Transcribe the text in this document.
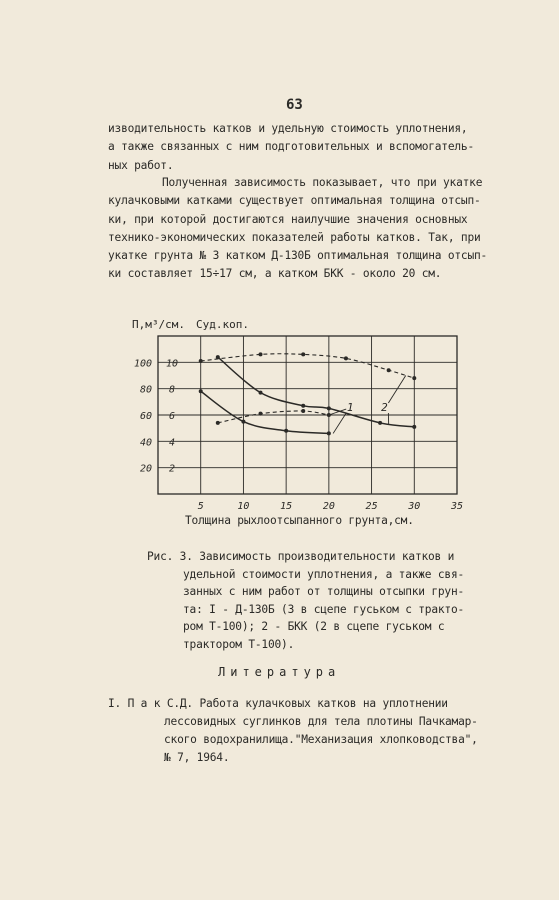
63
изводительность катков и удельную стоимость уплотнения,
а также связанных с ним подготовительных и вспомогатель-
ных работ.
Полученная зависимость показывает, что при укатке
кулачковыми катками существует оптимальная толщина отсып-
ки, при которой достигаются наилучшие значения основных
технико-экономических показателей работы катков. Так, при
укатке грунта № 3 катком Д-130Б оптимальная толщина отсып-
ки составляет 15÷17 см, а катком БКК - около 20 см.
5	10	15	20	25	30	35
100 10
80 8
60 6
40 4
20 2
П,м³/см. Суд.коп.
Толщина рыхлоотсыпанного грунта,см.
1	2
Рис. 3. Зависимость производительности катков и
удельной стоимости уплотнения, а также свя-
занных с ним работ от толщины отсыпки грун-
та: I - Д-130Б (3 в сцепе гуськом с тракто-
ром Т-100); 2 - БКК (2 в сцепе гуськом с
трактором Т-100).
Литература
I. П а к С.Д. Работа кулачковых катков на уплотнении
лессовидных суглинков для тела плотины Пачкамар-
ского водохранилища."Механизация хлопководства",
№ 7, 1964.
